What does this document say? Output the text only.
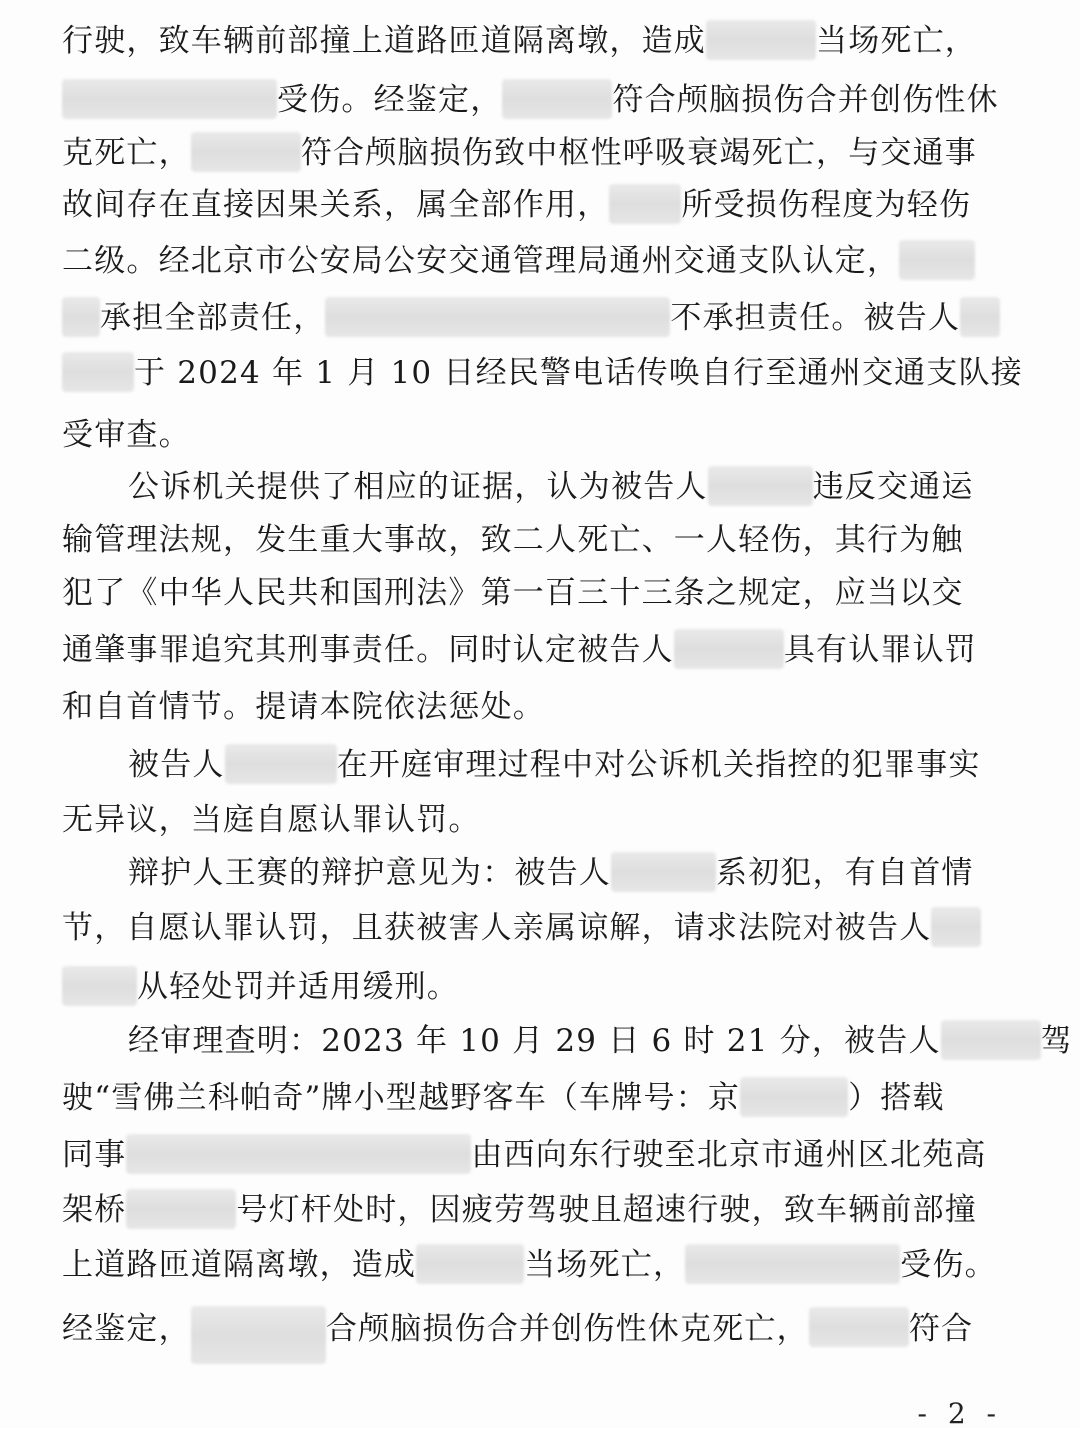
行驶，致车辆前部撞上道路匝道隔离墩，造成	当场死亡，
受伤。经鉴定，	符合颅脑损伤合并创伤性休
克死亡，	符合颅脑损伤致中枢性呼吸衰竭死亡，与交通事
故间存在直接因果关系，属全部作用， 所受损伤程度为轻伤
二级。经北京市公安局公安交通管理局通州交通支队认定，
承担全部责任，	不承担责任。被告人
于 2024 年 1 月 10 日经民警电话传唤自行至通州交通支队接
受审查。
公诉机关提供了相应的证据，认为被告人	违反交通运
输管理法规，发生重大事故，致二人死亡、一人轻伤，其行为触
犯了《中华人民共和国刑法》第一百三十三条之规定，应当以交
通肇事罪追究其刑事责任。同时认定被告人	具有认罪认罚
和自首情节。提请本院依法惩处。
被告人	在开庭审理过程中对公诉机关指控的犯罪事实
无异议，当庭自愿认罪认罚。
辩护人王赛的辩护意见为：被告人	系初犯，有自首情
节，自愿认罪认罚，且获被害人亲属谅解，请求法院对被告人
从轻处罚并适用缓刑。
经审理查明：2023 年 10 月 29 日 6 时 21 分，被告人	驾
驶“雪佛兰科帕奇”牌小型越野客车（车牌号：京	）搭载
同事	由西向东行驶至北京市通州区北苑高
架桥	号灯杆处时，因疲劳驾驶且超速行驶，致车辆前部撞
上道路匝道隔离墩，造成	当场死亡，	受伤。
经鉴定，	合颅脑损伤合并创伤性休克死亡，	符合
- 2 -
